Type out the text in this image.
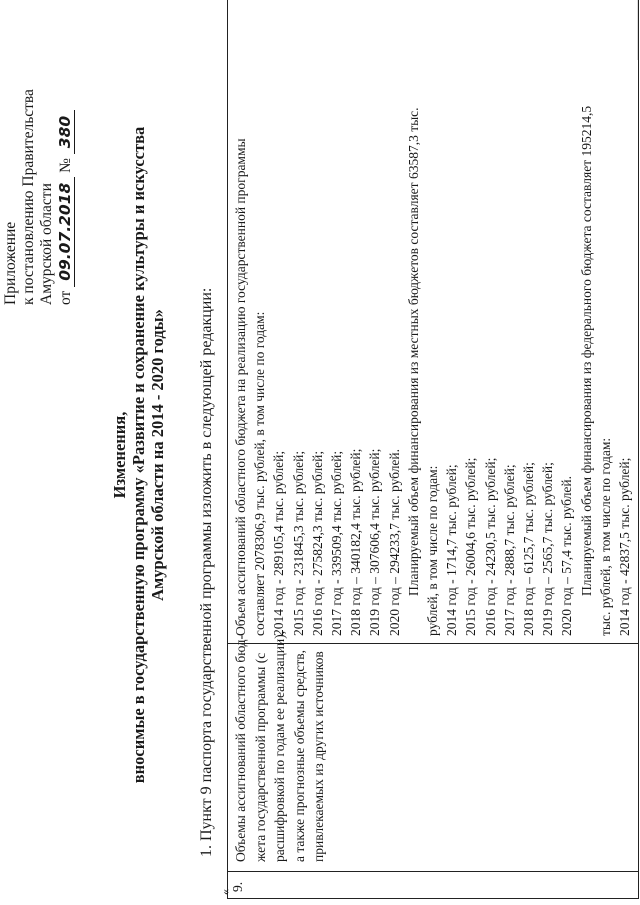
Приложение к постановлению Правительства Амурской области от 09.07.2018 № 380
Изменения, вносимые в государственную программу «Развитие и сохранение культуры и искусства Амурской области на 2014 - 2020 годы» 1. Пункт 9 паспорта государственной программы изложить в следующей редакции:
9.
Объемы ассигнований областного бюд- жета государственной программы (с расшифровкой по годам ее реализации), а также прогнозные объемы средств, привлекаемых из других источников
Объем ассигнований областного бюджета на реализацию государственной программы составляет 2078306,9 тыс. рублей, в том числе по годам: 2014 год - 289105,4 тыс. рублей; 2015 год - 231845,3 тыс. рублей; 2016 год - 275824,3 тыс. рублей; 2017 год - 339509,4 тыс. рублей; 2018 год – 340182,4 тыс. рублей; 2019 год – 307606,4 тыс. рублей; 2020 год – 294233,7 тыс. рублей. Планируемый объем финансирования из местных бюджетов составляет 63587,3 тыс. рублей, в том числе по годам: 2014 год - 1714,7 тыс. рублей; 2015 год - 26004,6 тыс. рублей; 2016 год - 24230,5 тыс. рублей; 2017 год - 2888,7 тыс. рублей; 2018 год – 6125,7 тыс. рублей; 2019 год – 2565,7 тыс. рублей; 2020 год – 57,4 тыс. рублей. Планируемый объем финансирования из федерального бюджета составляет 195214,5 тыс. рублей, в том числе по годам: 2014 год - 42837,5 тыс. рублей;
«
